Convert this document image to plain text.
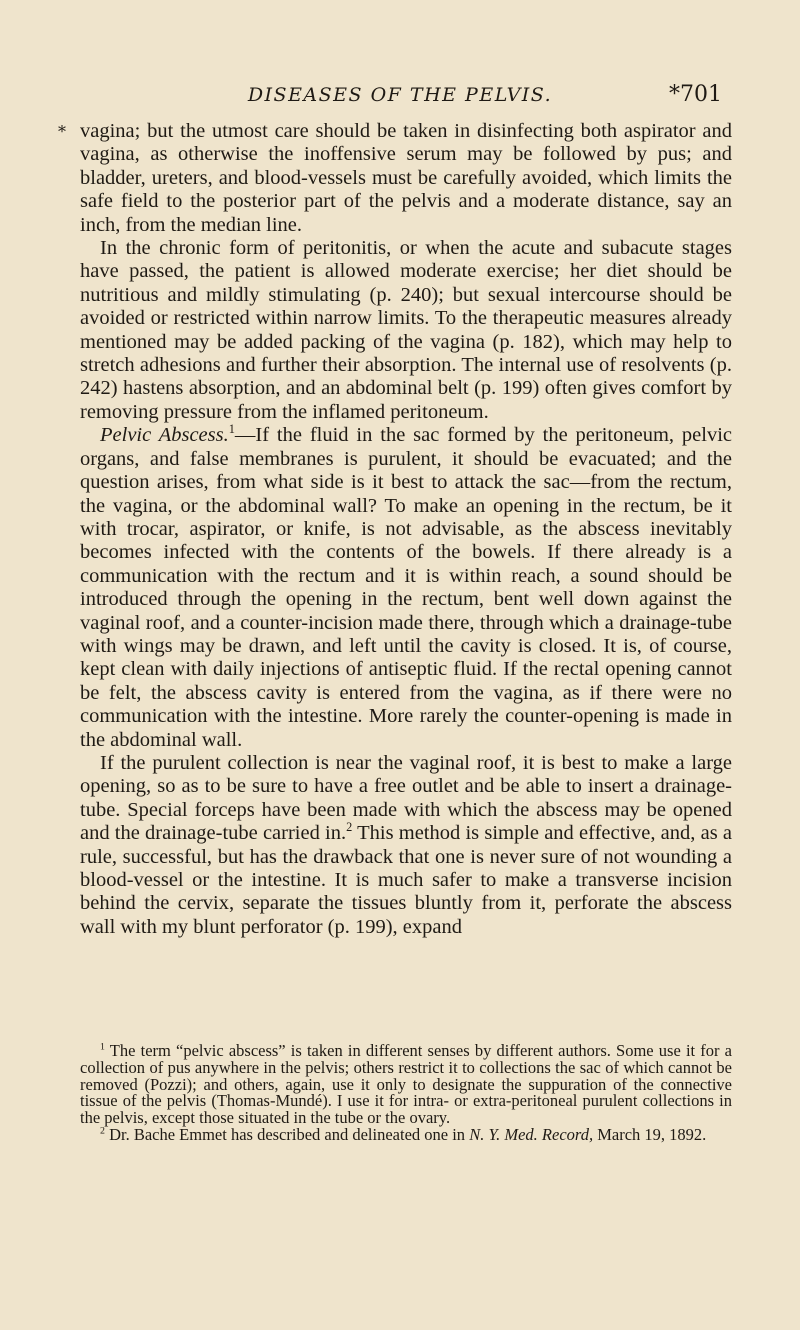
*
DISEASES OF THE PELVIS.	*701

vagina; but the utmost care should be taken in disinfecting both aspirator and vagina, as otherwise the inoffensive serum may be followed by pus; and bladder, ureters, and blood-vessels must be carefully avoided, which limits the safe field to the posterior part of the pelvis and a moderate distance, say an inch, from the median line.

In the chronic form of peritonitis, or when the acute and subacute stages have passed, the patient is allowed moderate exercise; her diet should be nutritious and mildly stimulating (p. 240); but sexual intercourse should be avoided or restricted within narrow limits. To the therapeutic measures already mentioned may be added packing of the vagina (p. 182), which may help to stretch adhesions and further their absorption. The internal use of resolvents (p. 242) hastens absorption, and an abdominal belt (p. 199) often gives comfort by removing pressure from the inflamed peritoneum.

Pelvic Abscess.$^1$—If the fluid in the sac formed by the peritoneum, pelvic organs, and false membranes is purulent, it should be evacuated; and the question arises, from what side is it best to attack the sac—from the rectum, the vagina, or the abdominal wall? To make an opening in the rectum, be it with trocar, aspirator, or knife, is not advisable, as the abscess inevitably becomes infected with the contents of the bowels. If there already is a communication with the rectum and it is within reach, a sound should be introduced through the opening in the rectum, bent well down against the vaginal roof, and a counter-incision made there, through which a drainage-tube with wings may be drawn, and left until the cavity is closed. It is, of course, kept clean with daily injections of antiseptic fluid. If the rectal opening cannot be felt, the abscess cavity is entered from the vagina, as if there were no communication with the intestine. More rarely the counter-opening is made in the abdominal wall.

If the purulent collection is near the vaginal roof, it is best to make a large opening, so as to be sure to have a free outlet and be able to insert a drainage-tube. Special forceps have been made with which the abscess may be opened and the drainage-tube carried in.$^2$ This method is simple and effective, and, as a rule, successful, but has the drawback that one is never sure of not wounding a blood-vessel or the intestine. It is much safer to make a transverse incision behind the cervix, separate the tissues bluntly from it, perforate the abscess wall with my blunt perforator (p. 199), expand

$^1$ The term “pelvic abscess” is taken in different senses by different authors. Some use it for a collection of pus anywhere in the pelvis; others restrict it to collections the sac of which cannot be removed (Pozzi); and others, again, use it only to designate the suppuration of the connective tissue of the pelvis (Thomas-Mundé). I use it for intra- or extra-peritoneal purulent collections in the pelvis, except those situated in the tube or the ovary.

$^2$ Dr. Bache Emmet has described and delineated one in N. Y. Med. Record, March 19, 1892.
